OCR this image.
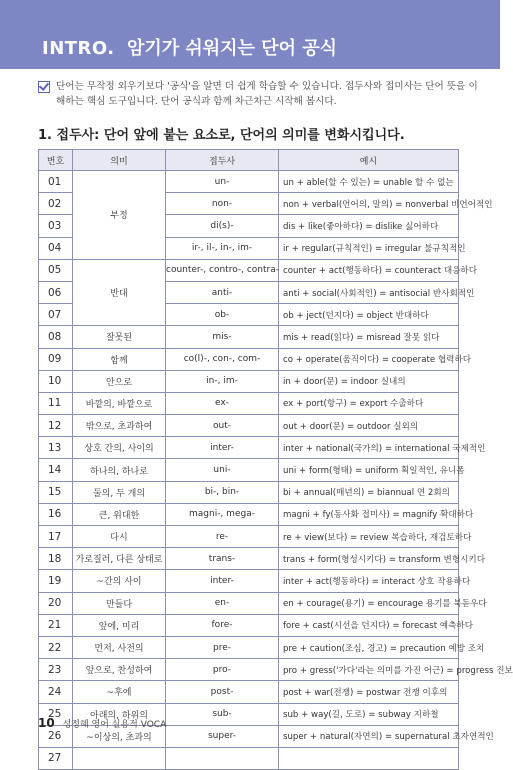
INTRO. 암기가 쉬워지는 단어 공식
단어는 무작정 외우기보다 '공식'을 알면 더 쉽게 학습할 수 있습니다. 접두사와 접미사는 단어 뜻을 이해하는 핵심 도구입니다. 단어 공식과 함께 차근차근 시작해 봅시다.
1. 접두사: 단어 앞에 붙는 요소로, 단어의 의미를 변화시킵니다.
번호	의미	접두사	예시
01	부정	un-	un + able(할 수 있는) = unable 할 수 없는
02		non-	non + verbal(언어의, 말의) = nonverbal 비언어적인
03		di(s)-	dis + like(좋아하다) = dislike 싫어하다
04		ir-, il-, in-, im-	ir + regular(규칙적인) = irregular 불규칙적인
05	반대	counter-, contro-, contra-	counter + act(행동하다) = counteract 대응하다
06		anti-	anti + social(사회적인) = antisocial 반사회적인
07		ob-	ob + ject(던지다) = object 반대하다
08	잘못된	mis-	mis + read(읽다) = misread 잘못 읽다
09	함께	co(l)-, con-, com-	co + operate(움직이다) = cooperate 협력하다
10	안으로	in-, im-	in + door(문) = indoor 실내의
11	바깥의, 바깥으로	ex-	ex + port(항구) = export 수출하다
12	밖으로, 초과하여	out-	out + door(문) = outdoor 실외의
13	상호 간의, 사이의	inter-	inter + national(국가의) = international 국제적인
14	하나의, 하나로	uni-	uni + form(형태) = uniform 획일적인, 유니폼
15	둘의, 두 개의	bi-, bin-	bi + annual(매년의) = biannual 연 2회의
16	큰, 위대한	magni-, mega-	magni + fy(동사화 접미사) = magnify 확대하다
17	다시	re-	re + view(보다) = review 복습하다, 재검토하다
18	가로질러, 다른 상태로	trans-	trans + form(형성시키다) = transform 변형시키다
19	~간의 사이	inter-	inter + act(행동하다) = interact 상호 작용하다
20	만들다	en-	en + courage(용기) = encourage 용기를 북돋우다
21	앞에, 미리	fore-	fore + cast(시선을 던지다) = forecast 예측하다
22	먼저, 사전의	pre-	pre + caution(조심, 경고) = precaution 예방 조치
23	앞으로, 찬성하여	pro-	pro + gress('가다'라는 의미를 가진 어근) = progress 진보
24	~후에	post-	post + war(전쟁) = postwar 전쟁 이후의
25	아래의, 하위의	sub-	sub + way(길, 도로) = subway 지하철
26	~이상의, 초과의	super-	super + natural(자연의) = supernatural 초자연적인
27			
10 성정혜 영어 실용적 VOCA
